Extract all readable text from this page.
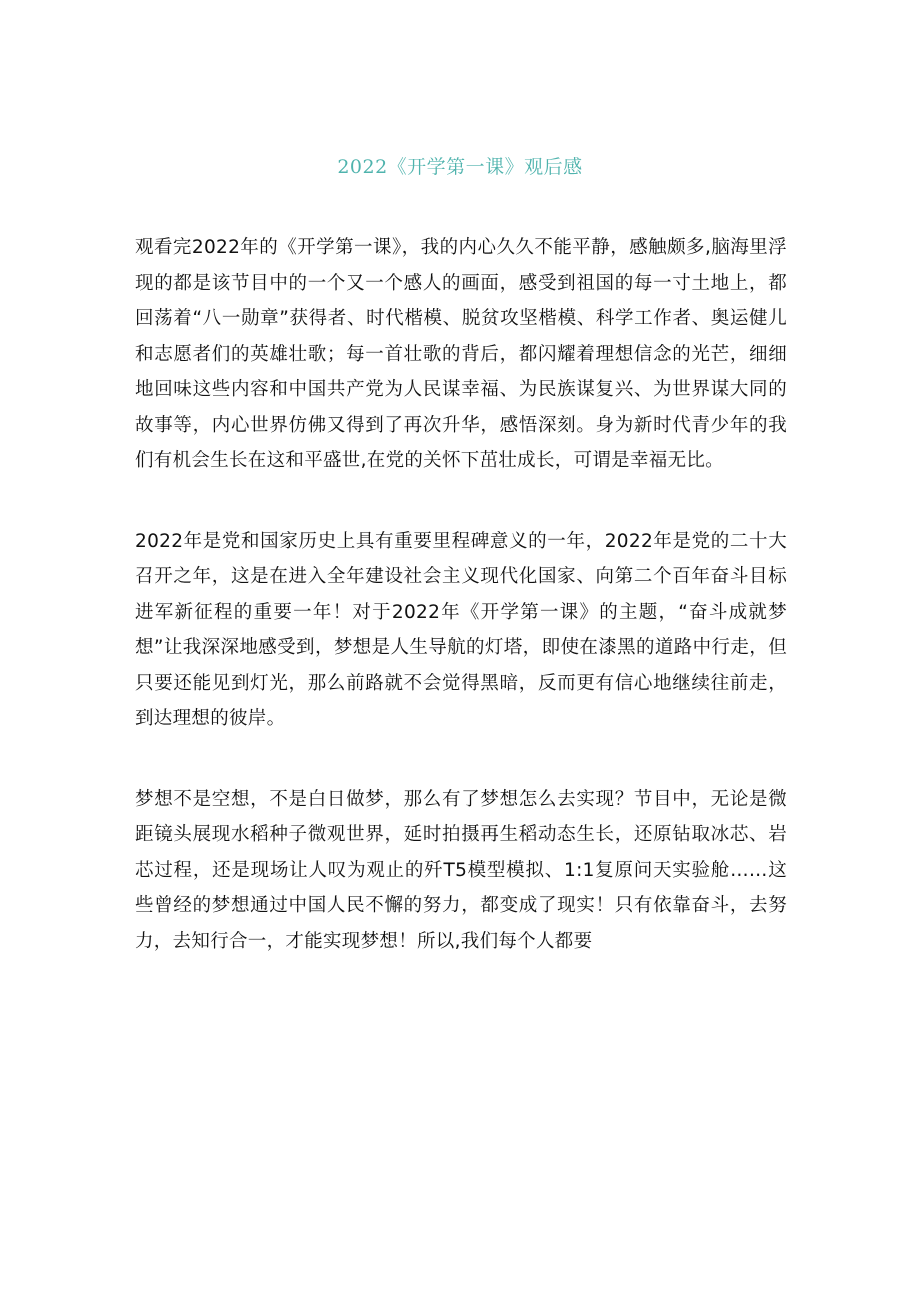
2022《开学第一课》观后感

观看完2022年的《开学第一课》，我的内心久久不能平静，感触颇多,脑海里浮现的都是该节目中的一个又一个感人的画面，感受到祖国的每一寸土地上，都回荡着“八一勋章”获得者、时代楷模、脱贫攻坚楷模、科学工作者、奥运健儿和志愿者们的英雄壮歌；每一首壮歌的背后，都闪耀着理想信念的光芒，细细地回味这些内容和中国共产党为人民谋幸福、为民族谋复兴、为世界谋大同的故事等，内心世界仿佛又得到了再次升华，感悟深刻。身为新时代青少年的我们有机会生长在这和平盛世,在党的关怀下茁壮成长，可谓是幸福无比。

2022年是党和国家历史上具有重要里程碑意义的一年，2022年是党的二十大召开之年，这是在进入全年建设社会主义现代化国家、向第二个百年奋斗目标进军新征程的重要一年！对于2022年《开学第一课》的主题，“奋斗成就梦想”让我深深地感受到，梦想是人生导航的灯塔，即使在漆黑的道路中行走，但只要还能见到灯光，那么前路就不会觉得黑暗，反而更有信心地继续往前走，到达理想的彼岸。

梦想不是空想，不是白日做梦，那么有了梦想怎么去实现？节目中，无论是微距镜头展现水稻种子微观世界，延时拍摄再生稻动态生长，还原钻取冰芯、岩芯过程，还是现场让人叹为观止的歼T5模型模拟、1:1复原问天实验舱……这些曾经的梦想通过中国人民不懈的努力，都变成了现实！只有依靠奋斗，去努力，去知行合一，才能实现梦想！所以,我们每个人都要
